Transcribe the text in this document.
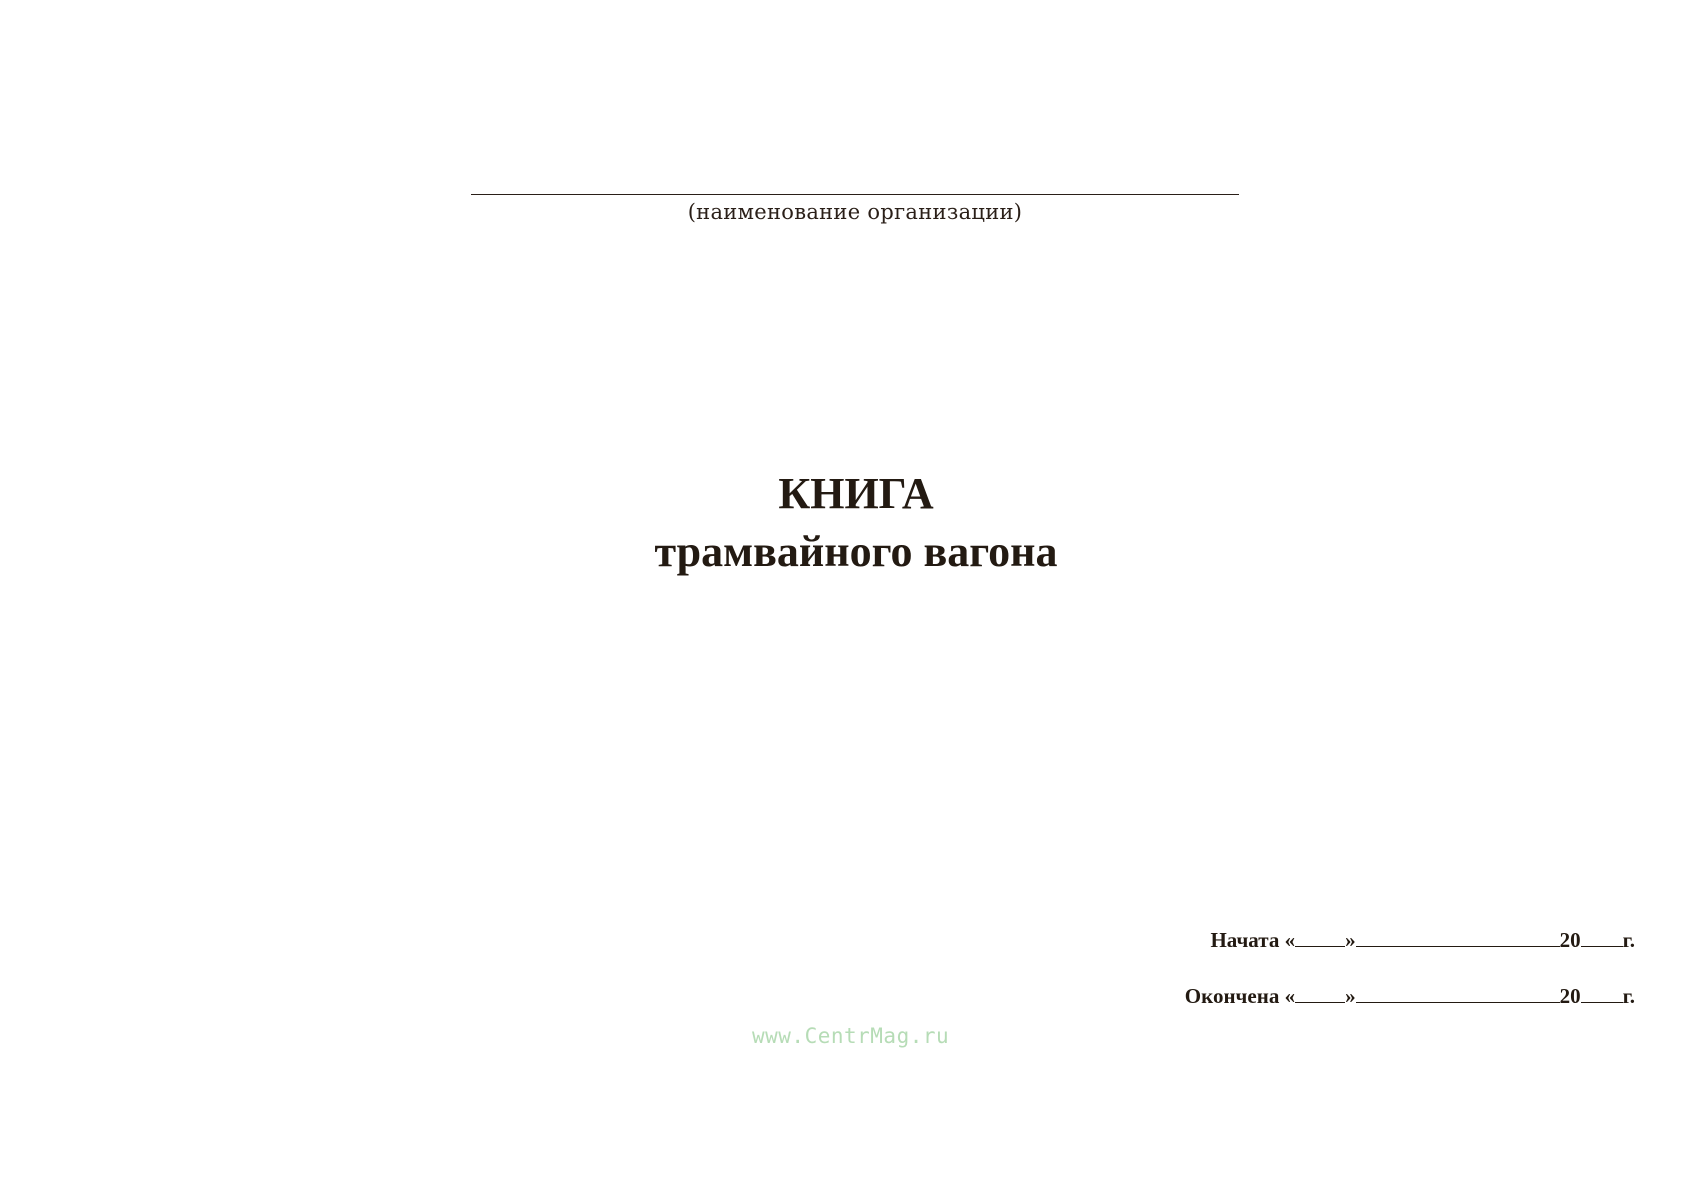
(наименование организации)
КНИГА
трамвайного вагона
Начата « »	20 г.
Окончена « »	20 г.
www.CentrMag.ru
